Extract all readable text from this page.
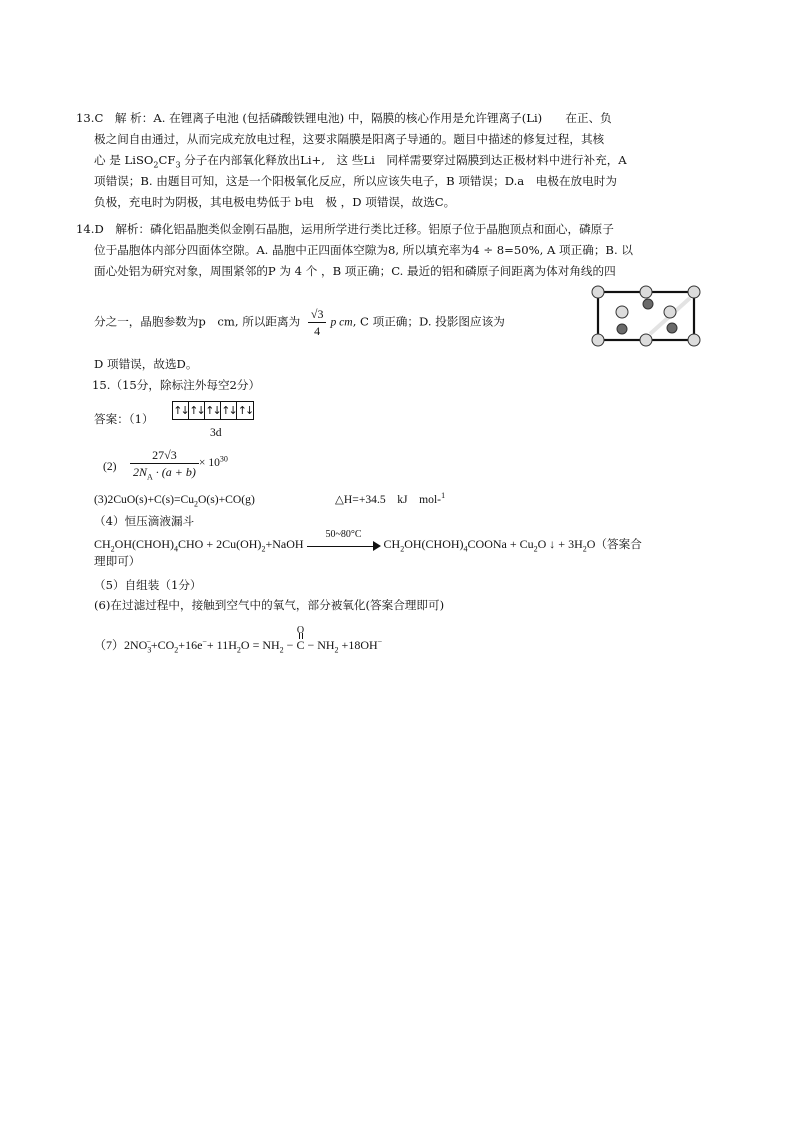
13.C　解 析：A. 在锂离子电池 (包括磷酸铁锂电池) 中，隔膜的核心作用是允许锂离子(Li)　　在正、负
极之间自由通过，从而完成充放电过程，这要求隔膜是阳离子导通的。题目中描述的修复过程，其核
心 是 $LiSO_2CF_3$ 分子在内部氧化释放出Li+,　这 些Li　同样需要穿过隔膜到达正极材料中进行补充，A
项错误；B. 由题目可知，这是一个阳极氧化反应，所以应该失电子，B 项错误；D.a　电极在放电时为
负极，充电时为阴极，其电极电势低于 b电　极 ，D 项错误，故选C。
14.D　解析：磷化铝晶胞类似金刚石晶胞，运用所学进行类比迁移。铝原子位于晶胞顶点和面心，磷原子
位于晶胞体内部分四面体空隙。A. 晶胞中正四面体空隙为8, 所以填充率为4 ÷ 8=50%, A 项正确；B. 以
面心处铝为研究对象，周围紧邻的P 为 4 个 ，B 项正确；C. 最近的铝和磷原子间距离为体对角线的四
分之一，晶胞参数为p　cm, 所以距离为 $\frac{√3}{4}$ p cm, C 项正确；D. 投影图应该为
D 项错误，故选D。
15.（15分，除标注外每空2分）
答案：（1）
↑↓ ↑↓ ↑↓ ↑↓ ↑↓
3d
$(2) \frac{27√3}{2N_A \cdot (a + b)} \times 10^{30}$
$(3)2CuO(s)+C(s)=Cu_2O(s)+CO(g)$	△H=+34.5　kJ　mol-$^1$
（4）恒压滴液漏斗
$CH_2OH(CHOH)_4CHO$ + $2Cu(OH)_2+NaOH$
50~80°C
$CH_2OH(CHOH)_4COONa + Cu_2O$ ↓ + $3H_2O$（答案合
理即可）
（5）自组装（1分）
(6)在过滤过程中，接触到空气中的氧气，部分被氧化(答案合理即可)
$(7)2NO_3^-+CO_2+16e^-+ 11H_2O = NH_2 - C$ − NH
O
$_2$ +18OH−
